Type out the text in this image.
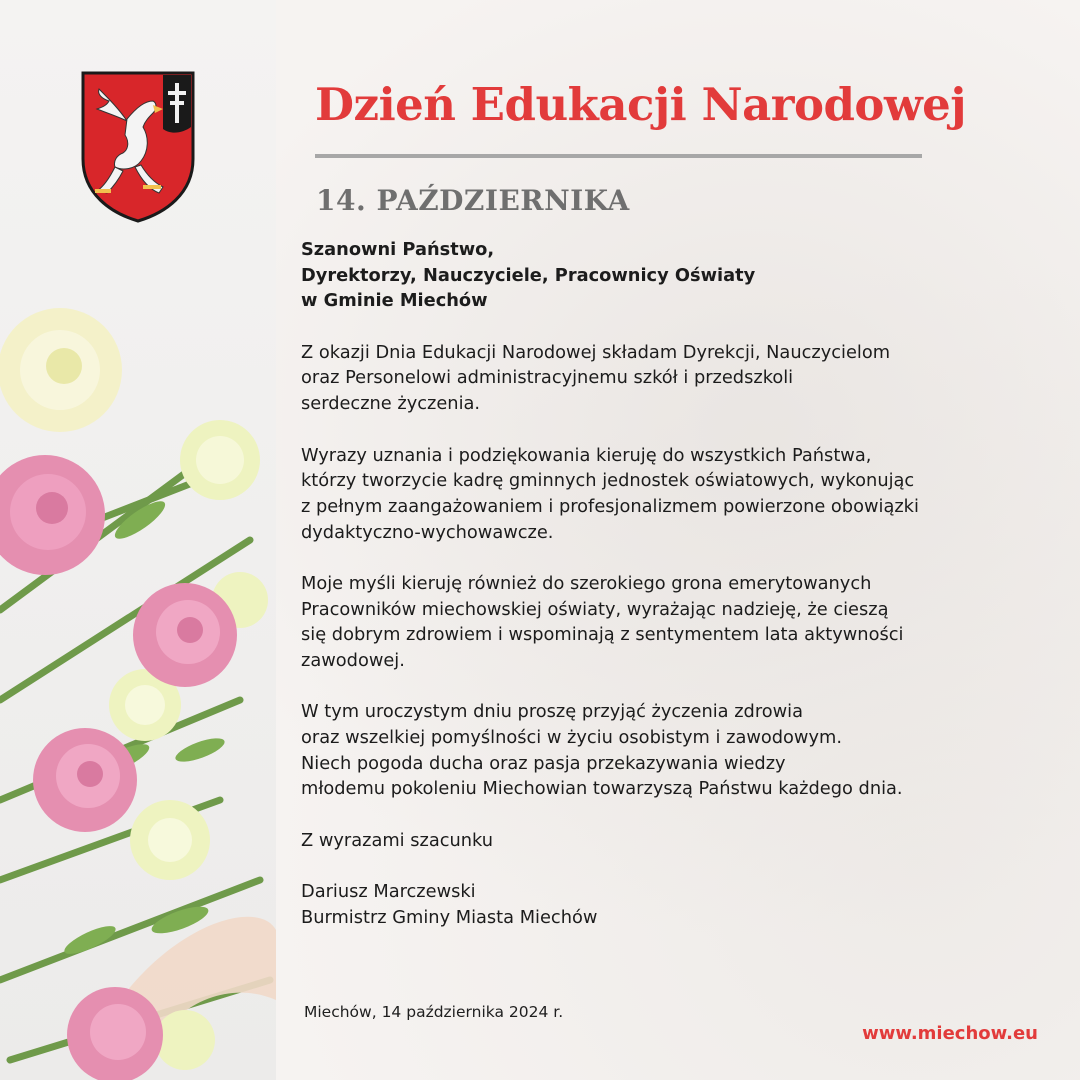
Dzień Edukacji Narodowej
14. PAŹDZIERNIKA
Szanowni Państwo,
Dyrektorzy, Nauczyciele, Pracownicy Oświaty
w Gminie Miechów
Z okazji Dnia Edukacji Narodowej składam Dyrekcji, Nauczycielom
oraz Personelowi administracyjnemu szkół i przedszkoli
serdeczne życzenia.
Wyrazy uznania i podziękowania kieruję do wszystkich Państwa,
którzy tworzycie kadrę gminnych jednostek oświatowych, wykonując
z pełnym zaangażowaniem i profesjonalizmem powierzone obowiązki
dydaktyczno-wychowawcze.
Moje myśli kieruję również do szerokiego grona emerytowanych
Pracowników miechowskiej oświaty, wyrażając nadzieję, że cieszą
się dobrym zdrowiem i wspominają z sentymentem lata aktywności
zawodowej.
W tym uroczystym dniu proszę przyjąć życzenia zdrowia
oraz wszelkiej pomyślności w życiu osobistym i zawodowym.
Niech pogoda ducha oraz pasja przekazywania wiedzy
młodemu pokoleniu Miechowian towarzyszą Państwu każdego dnia.
Z wyrazami szacunku
Dariusz Marczewski
Burmistrz Gminy Miasta Miechów
Miechów, 14 października 2024 r.
www.miechow.eu
